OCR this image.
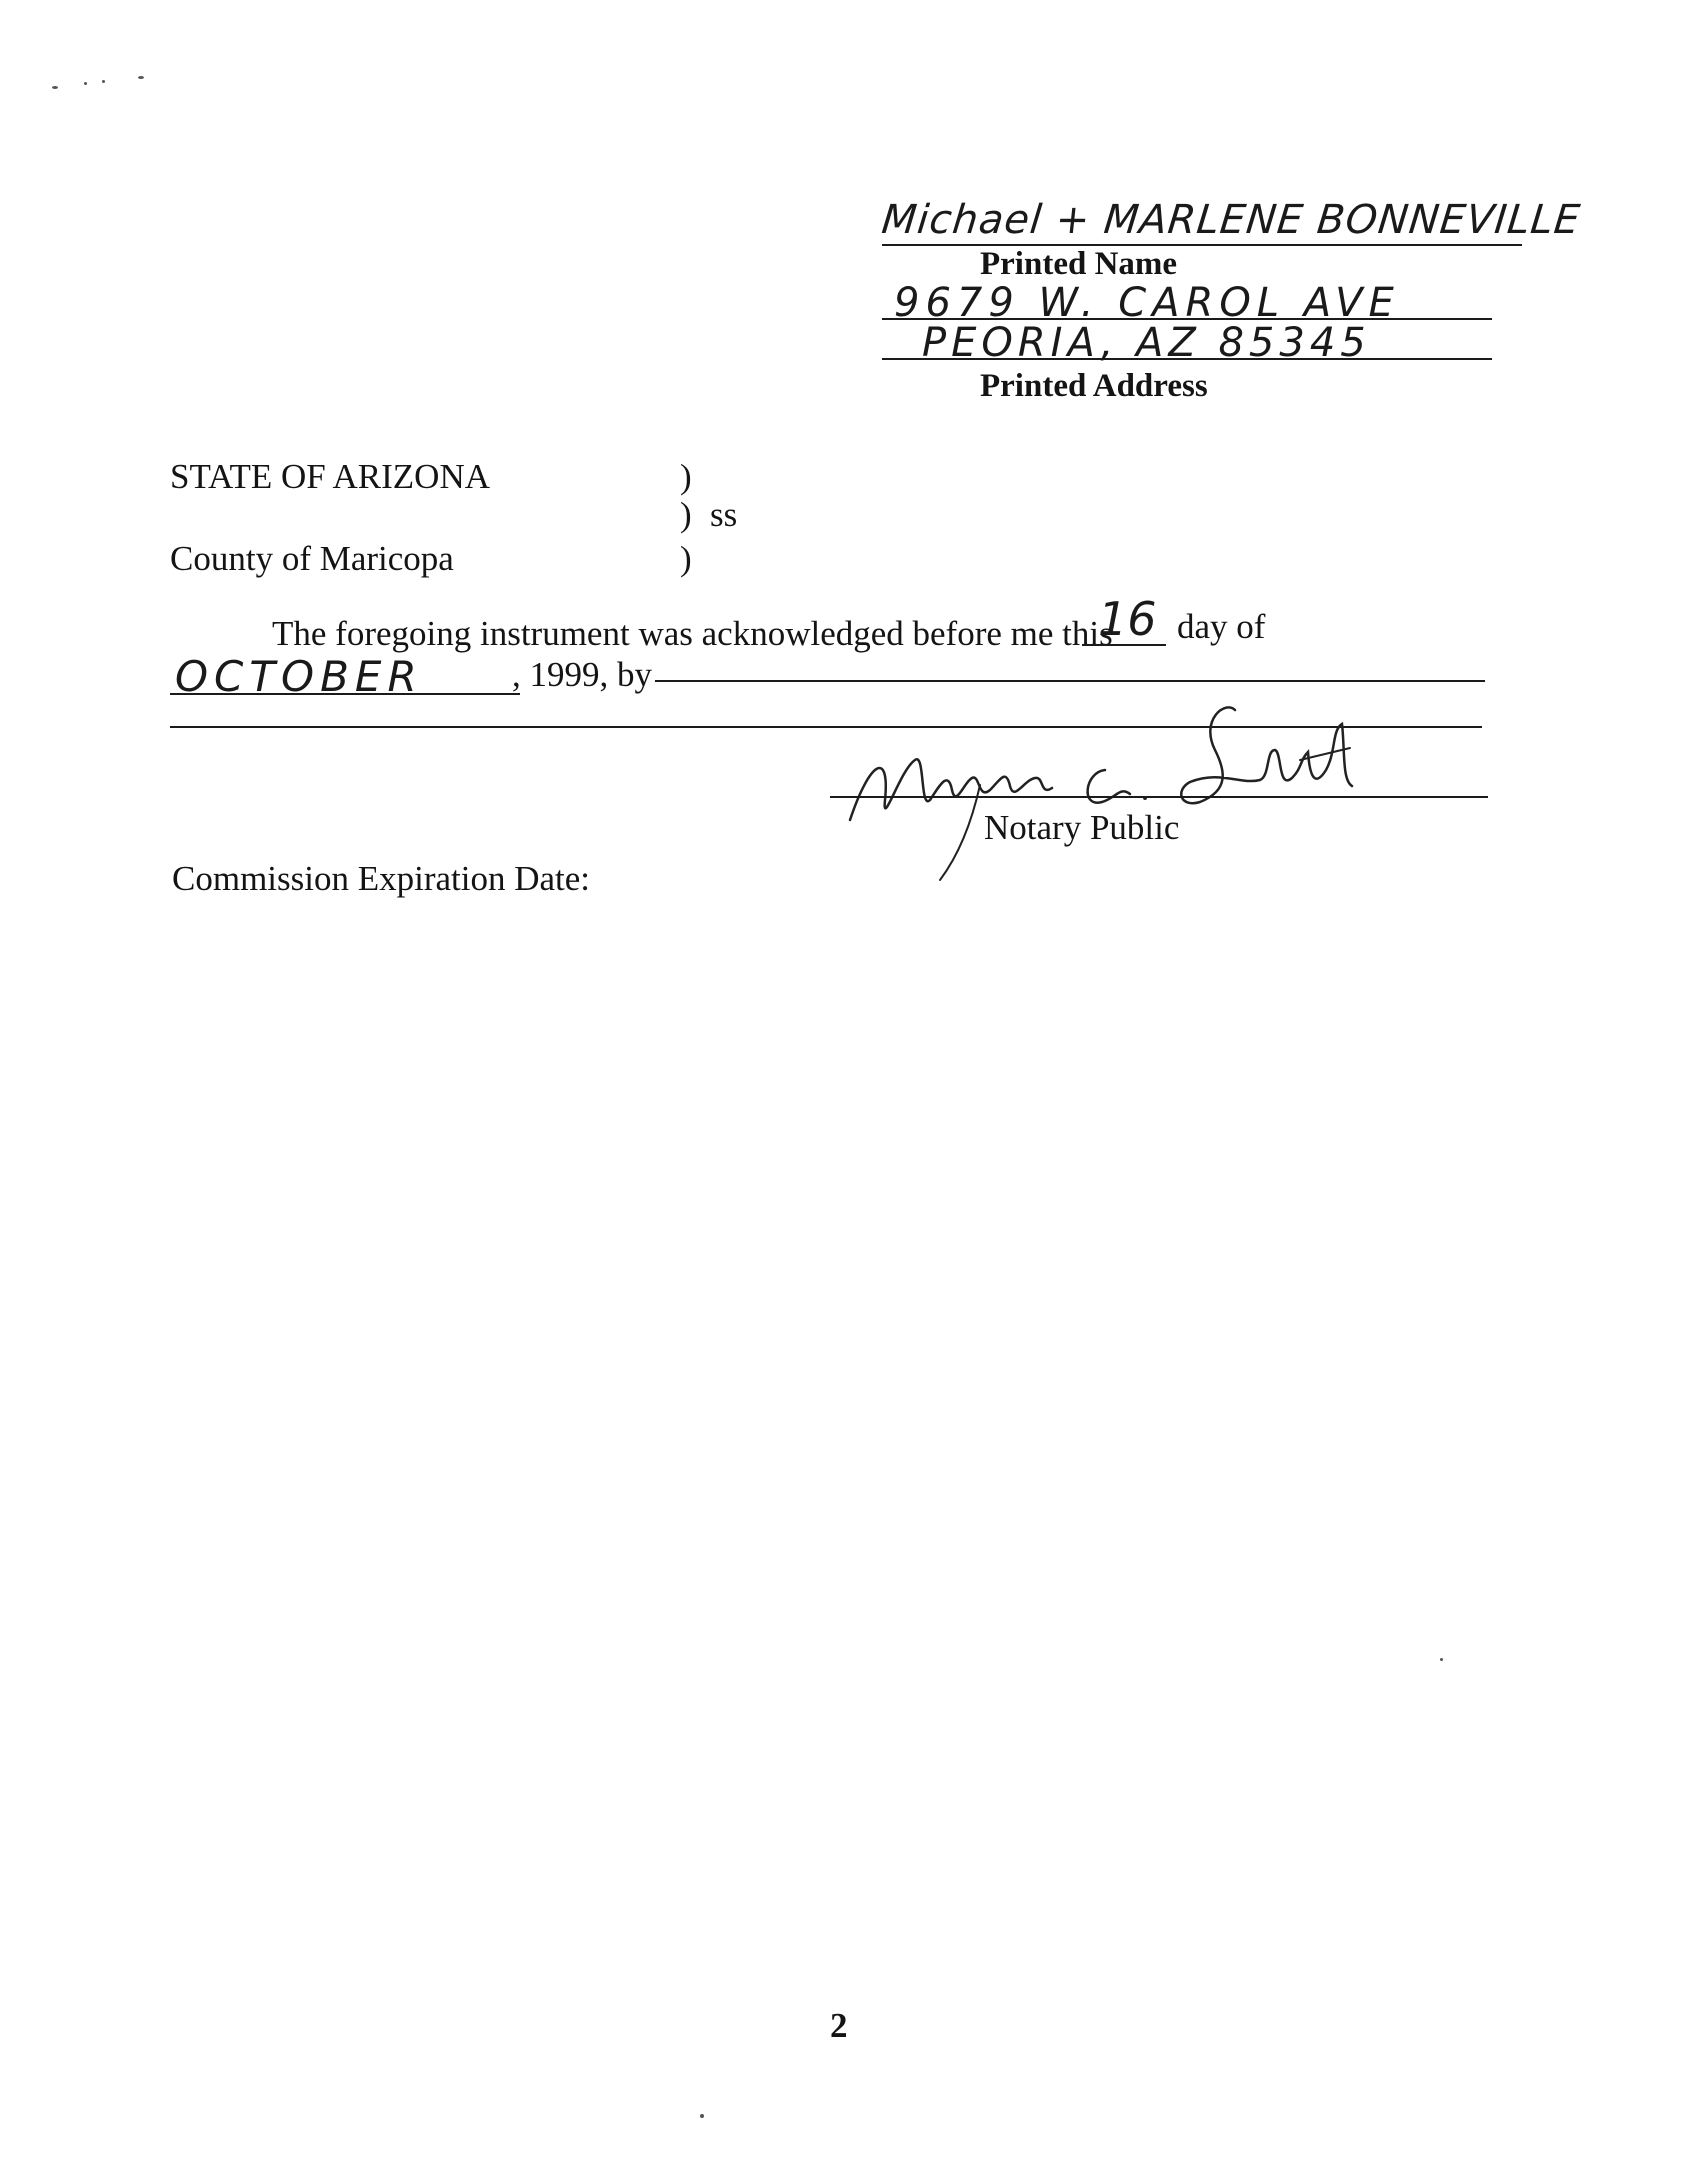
Michael + MARLENE BONNEVILLE
Printed Name
9679 W. CAROL AVE
PEORIA, AZ 85345
Printed Address
STATE OF ARIZONA	)
) ss
County of Maricopa	)
The foregoing instrument was acknowledged before me this
16 day of
OCTOBER	, 1999, by
Notary Public
Commission Expiration Date:
2
